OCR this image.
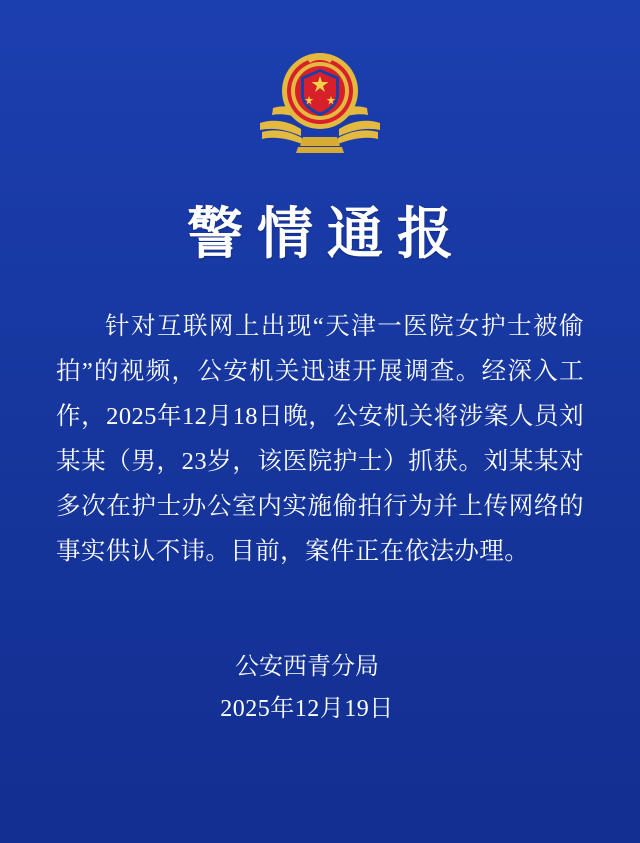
警情通报
针对互联网上出现“天津一医院女护士被偷拍”的视频，公安机关迅速开展调查。经深入工作，2025年12月18日晚，公安机关将涉案人员刘某某（男，23岁，该医院护士）抓获。刘某某对多次在护士办公室内实施偷拍行为并上传网络的事实供认不讳。目前，案件正在依法办理。
公安西青分局
2025年12月19日
